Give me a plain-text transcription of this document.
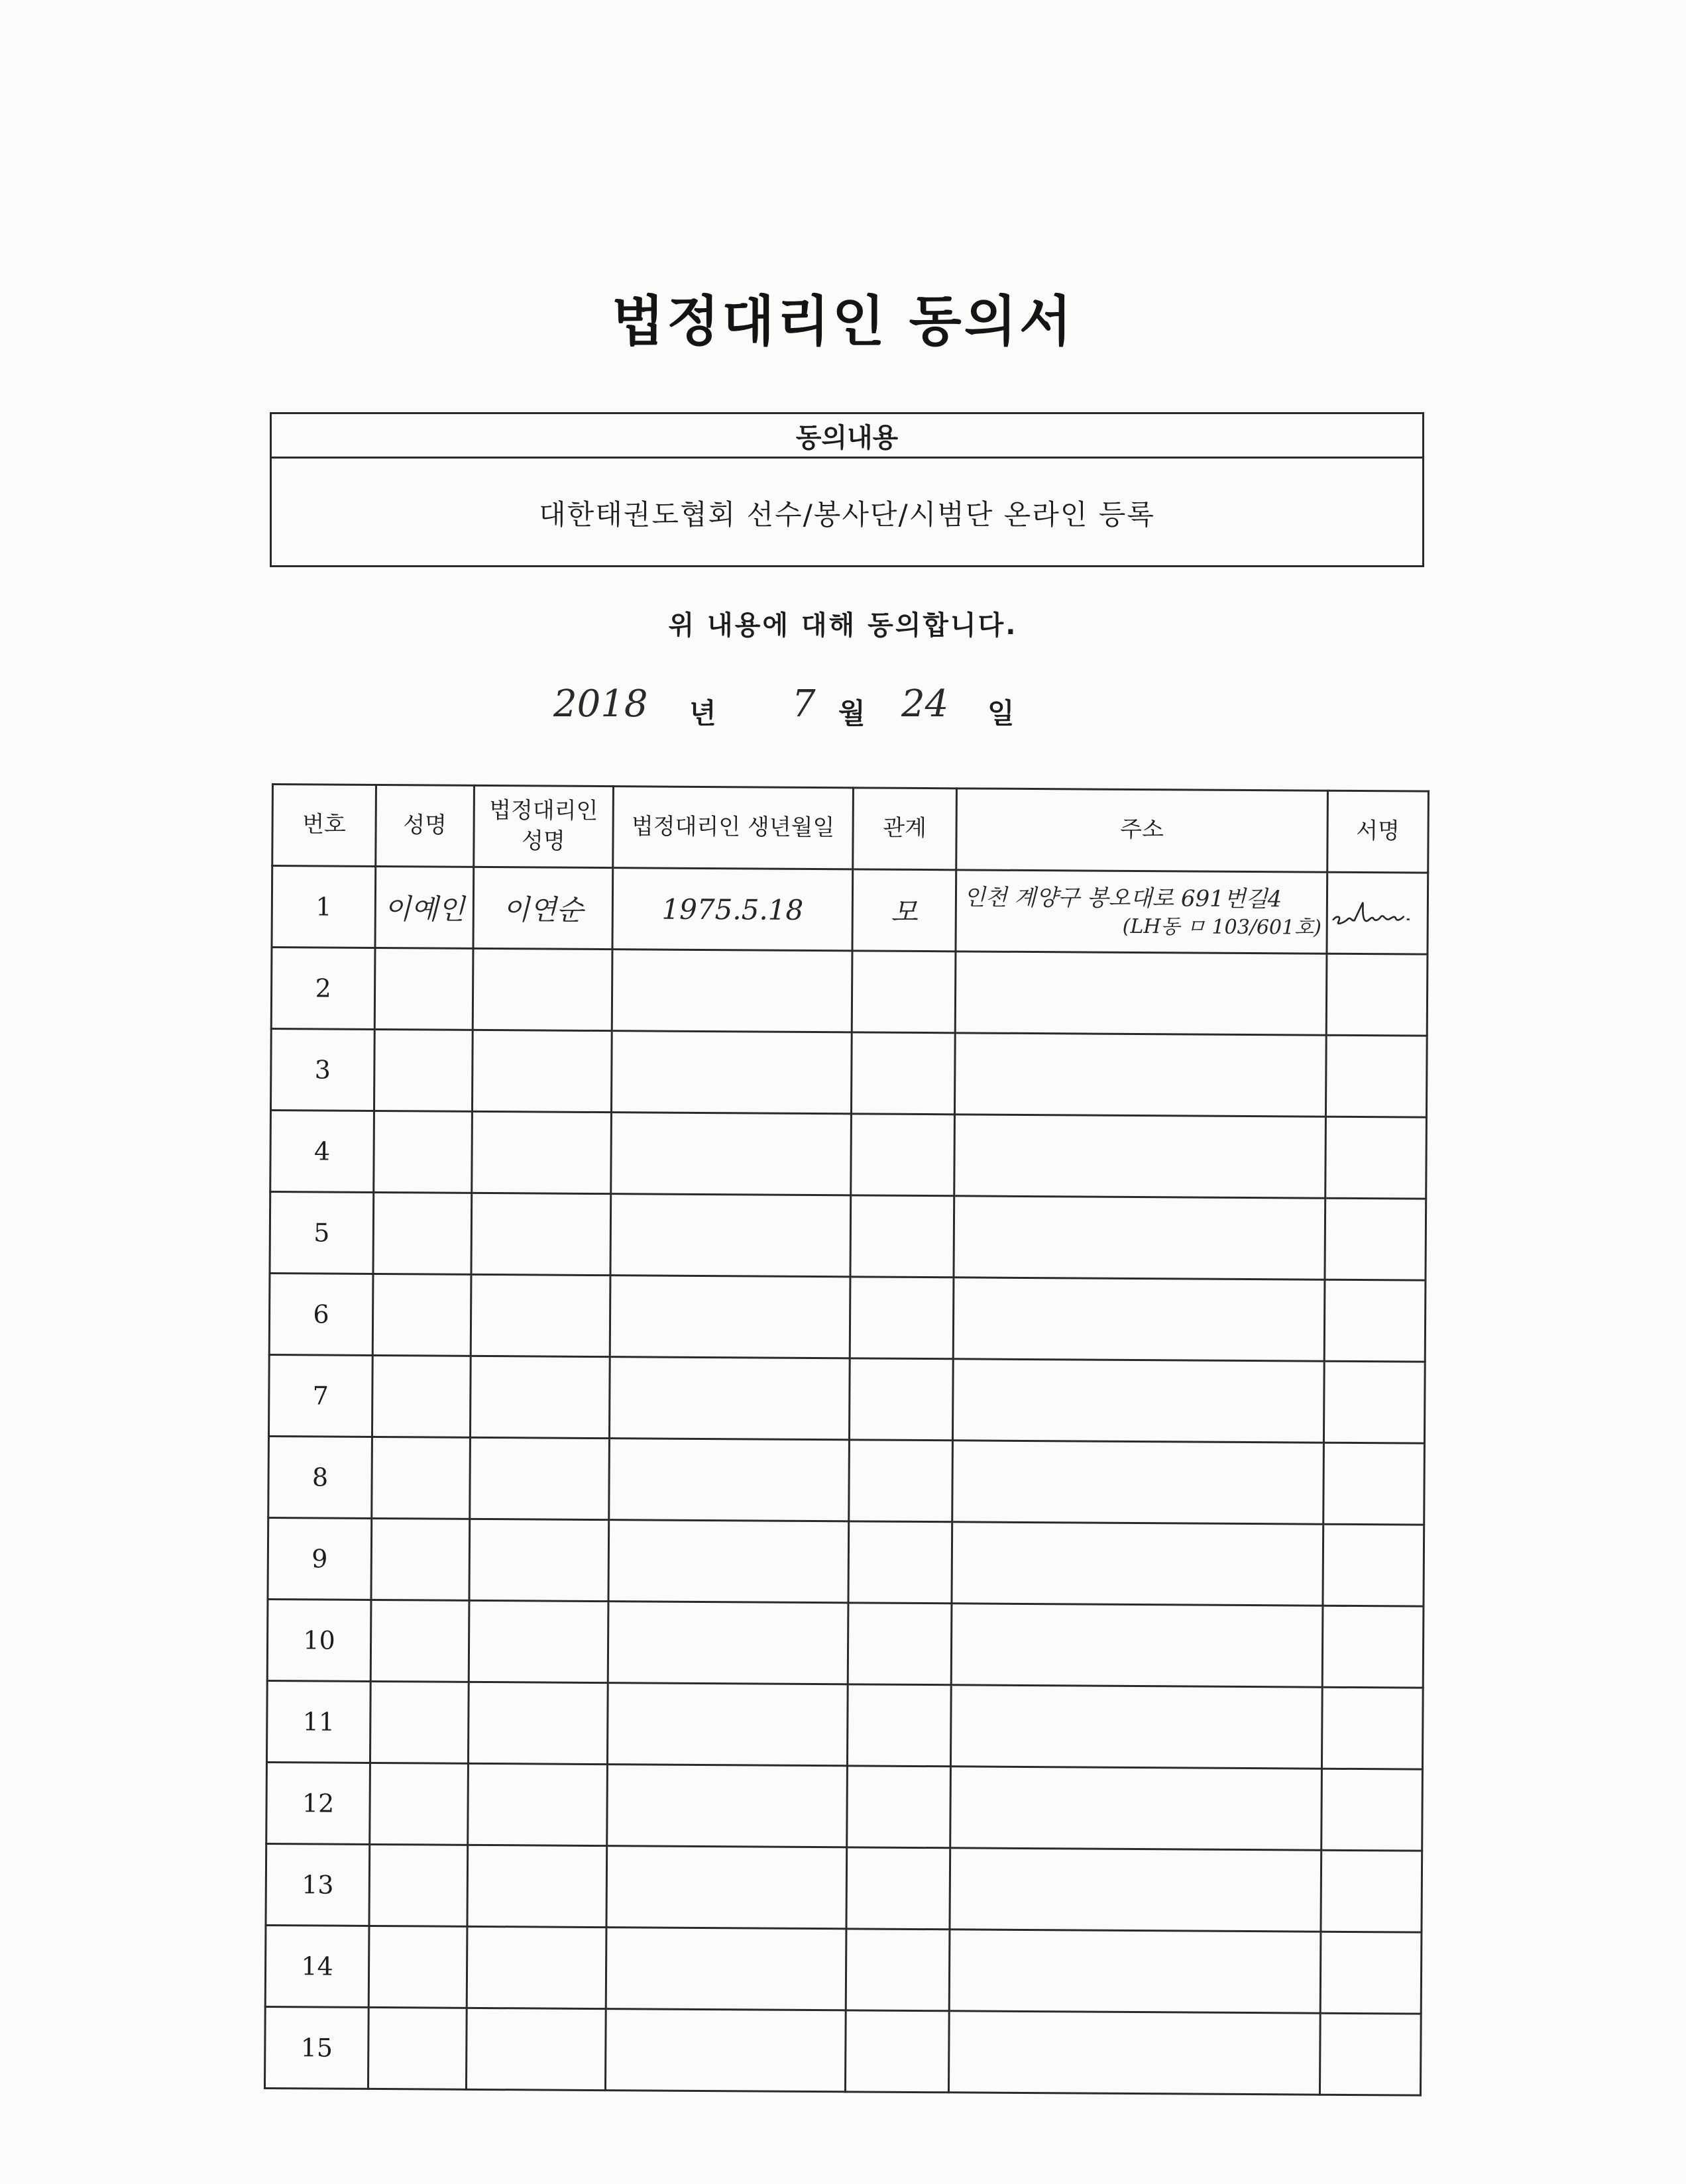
법정대리인 동의서
동의내용
대한태권도협회 선수/봉사단/시범단 온라인 등록
위 내용에 대해 동의합니다.
2018 년 7 월 24 일
번호	성명	법정대리인 성명	법정대리인 생년월일	관계	주소	서명
1	이예인	이연순	1975.5.18	모	인천 계양구 봉오대로 691번길4
(LH동 ㅁ 103/601호)

2						
3						
4						
5						
6						
7						
8						
9						
10						
11						
12						
13						
14						
15						
